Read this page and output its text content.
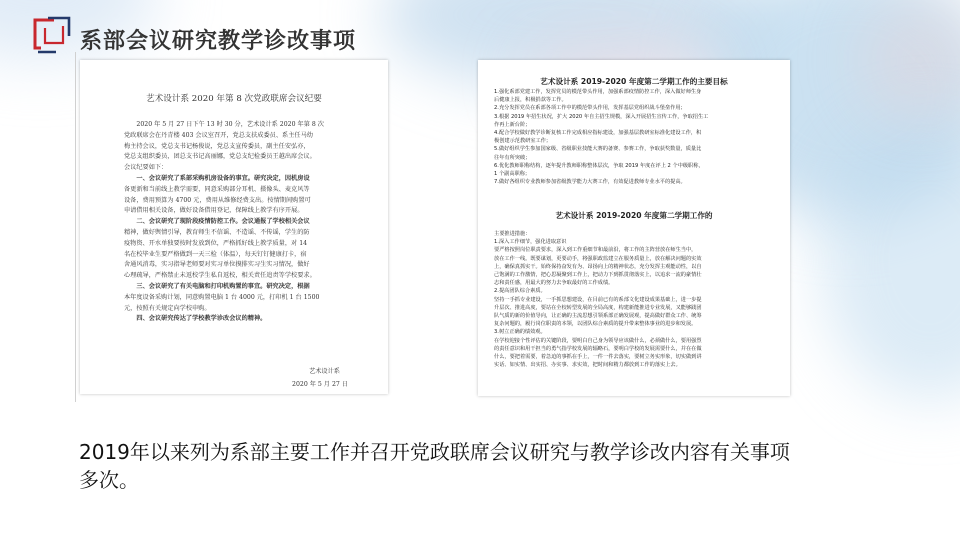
系部会议研究教学诊改事项
艺术设计系 2020 年第 8 次党政联席会议纪要
2020 年 5 月 27 日下午 13 时 30 分，艺术设计系 2020 年第 8 次
党政联席会在丹青楼 403 会议室召开，党总支扶成委员、系主任马幼
梅主持会议，党总支书记杨俊说，党总支宣传委员，副主任安弘亦，
党总支组织委员，团总支书记高丽娜，党总支纪检委员王越出席会议。
会议纪要如下：
一、会议研究了系部采购机房设备的事宜。研究决定，因机房设
备更新和当前线上教学需要，同意采购部分耳机、摄像头、麦克风等
设备，费用预算为 4700 元，费用从维修经费支出。按情期间购置可
申请借用相关设备，做好设备借用登记，保障线上教学有序开展。
二、会议研究了现阶段疫情防控工作。会议通报了学校相关会议
精神，做好舆情引导，教育师生不信谣、不造谣、不传谣，学生的防
疫物资、开水单独要按时发放到位，严格抓好线上教学质量，对 14
名在校毕业生要严格做到一天三检（体温），每天钉钉健康打卡，宿
舍通风消毒，实习指导老师要对实习单位摸排实习生实习情况，做好
心理疏导，严格禁止未返校学生私自返校，相关责任追责等学校要求。
三、会议研究了有关电脑和打印机购置的事宜。研究决定，根据
本年度设备采购计划，同意购置电脑 1 台 4000 元，打印机 1 台 1500
元，按照有关规定向学校申购。
四、会议研究传达了学校教学诊改会议的精神。
艺术设计系
2020 年 5 月 27 日
艺术设计系 2019-2020 年度第二学期工作的主要目标
1.强化系部党建工作，发挥党员的模范带头作用，加强系部疫情防控工作，深入做好师生身
后健康上报，积极捐款等工作。
2.充分发挥党员在系部各项工作中的模范带头作用，发挥基层党组织战斗堡垒作用；
3.根据 2019 年招生状况，扩大 2020 年自主招生规模，深入开展招生宣传工作，争取招生工
作再上新台阶；
4.配合学校做好教学诊断复核工作完成相应指标建设，加强基层教研室标准化建设工作，积
极创建示范教研室工作；
5.做好组织学生参加国家级、省级职业技能大赛的备赛、参赛工作，争取获奖数量，质量比
往年有所突破；
6.优化教师职称结构，逐年提升教师职称整体层次，争取 2019 年度在评上 2 个中级职称，
1 个副高职称；
7.做好各组织专业教师参加省级教学能力大赛工作，有效促进教师专业水平的提高。
艺术设计系 2019-2020 年度第二学期工作的
主要推进措施：
1.深入工作细节，强化进取意识
要严格按照岗位职责要求，深入到工作重细节和最前沿，将工作的主阵营放在师生当中，
放在工作一线。既要谋划，更要动手，将强职政监建立在服务质量上，放在解决问题的实效
上，确保真抓实干。始终保持奋发有为、昂扬向上的精神状态，充分发挥主观能动性，以自
己饱满的工作激情，把心思凝聚到工作上，把动力下到抓贯彻落实上，以追求一流的豪情壮
志和责任感，用最大的努力去争取最好的工作成绩。
2.提高团队综合素质。
坚持一手抓专业建设，一手抓思想建设，在目前已有的系部文化建设成果基础上，进一步提
升层次、推进高度，要站在全校转型发展的全局高度，构建新能推进专业发展，又能够践团
队气质的新的价值导向，让正确的主流思想引领系部正确发展观，提高做好群众工作、统筹
复杂问题的，履行岗位职责的本领，以团队综合素质的提升带来整体事业的进步和发展。
3.树立正确的绩效观。
在学校迎接个性评估的关键阶段，要明白自己身为领导应该做什么，必须做什么，要用强烈
的责任意识和用干担当的勇气指学校发展的辐略石，要明白学校的发展需要什么，并在在做
什么，要把着需要，着急迫的事抓在手上，一件一件去落实，要树立务实形象，切实做到讲
实话、如实情、出实招、办实事、求实效，把时间和精力都放到工作的落实上去。

2019年以来列为系部主要工作并召开党政联席会议研究与教学诊改内容有关事项多次。
